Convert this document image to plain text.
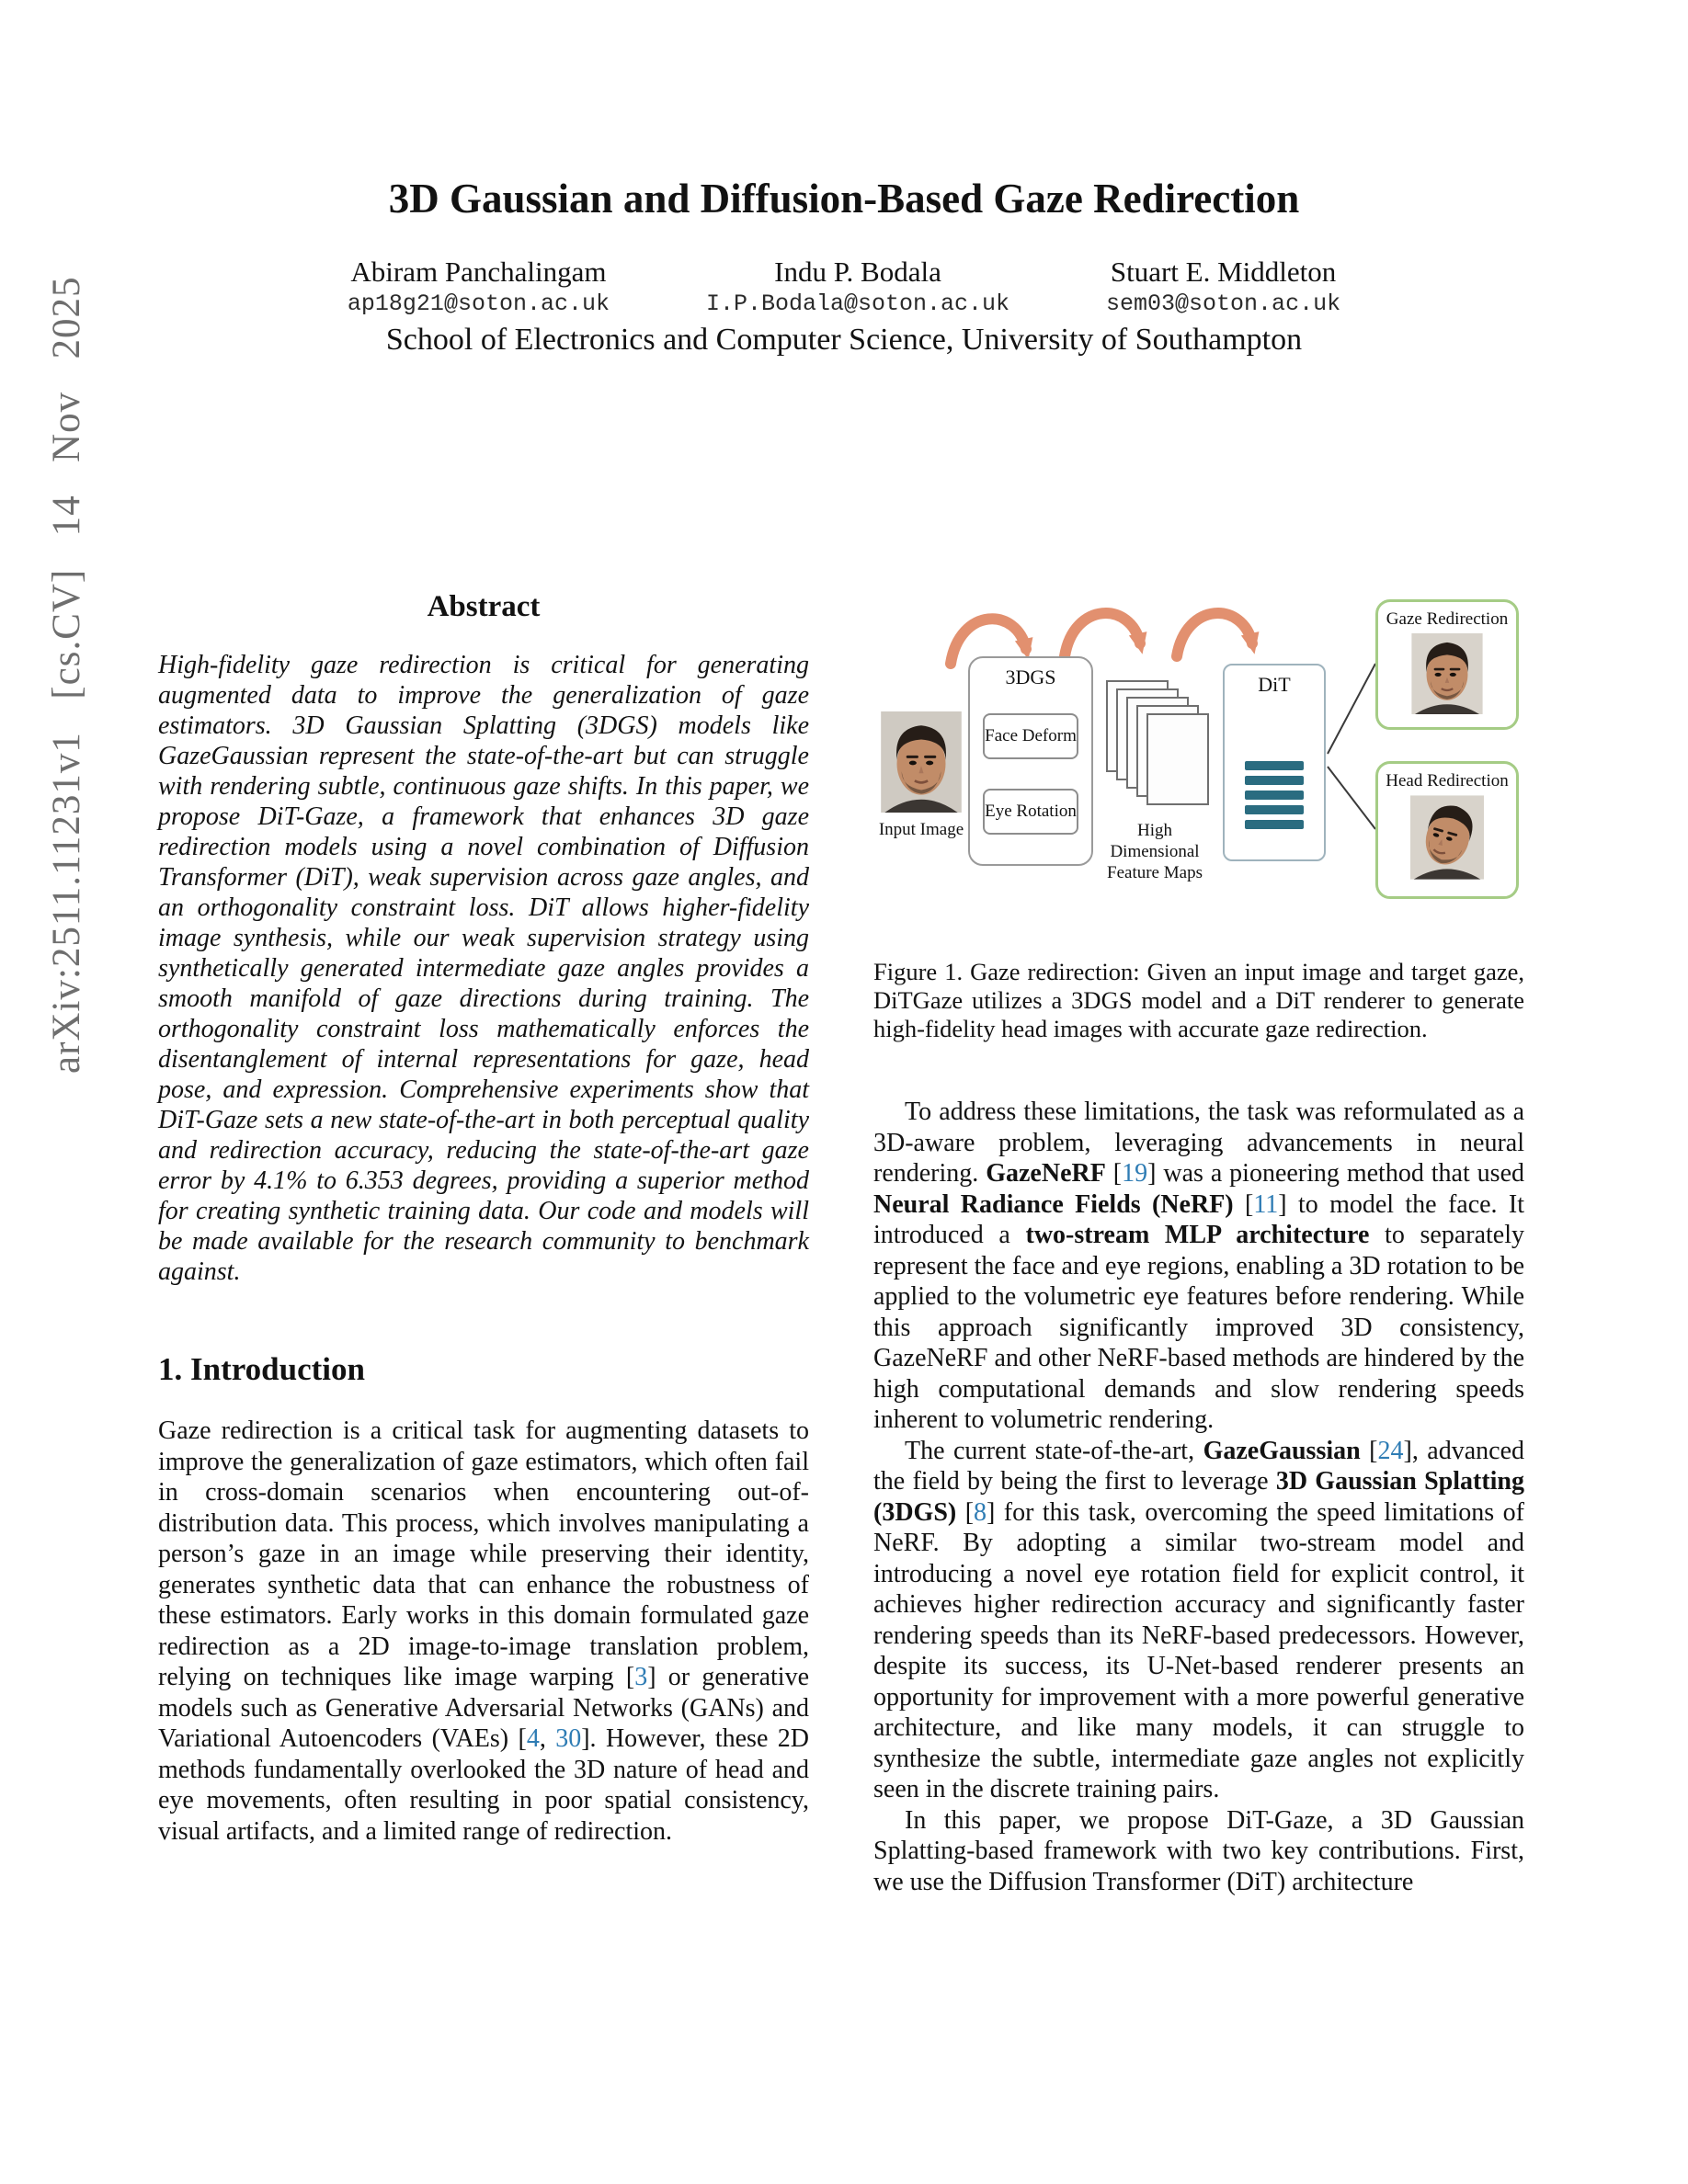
arXiv:2511.11231v1 [cs.CV] 14 Nov 2025
3D Gaussian and Diffusion-Based Gaze Redirection
Abiram Panchalingam
ap18g21@soton.ac.uk
Indu P. Bodala
I.P.Bodala@soton.ac.uk
Stuart E. Middleton
sem03@soton.ac.uk
School of Electronics and Computer Science, University of Southampton
Abstract

High-fidelity gaze redirection is critical for generating augmented data to improve the generalization of gaze estimators. 3D Gaussian Splatting (3DGS) models like GazeGaussian represent the state-of-the-art but can struggle with rendering subtle, continuous gaze shifts. In this paper, we propose DiT-Gaze, a framework that enhances 3D gaze redirection models using a novel combination of Diffusion Transformer (DiT), weak supervision across gaze angles, and an orthogonality constraint loss. DiT allows higher-fidelity image synthesis, while our weak supervision strategy using synthetically generated intermediate gaze angles provides a smooth manifold of gaze directions during training. The orthogonality constraint loss mathematically enforces the disentanglement of internal representations for gaze, head pose, and expression. Comprehensive experiments show that DiT-Gaze sets a new state-of-the-art in both perceptual quality and redirection accuracy, reducing the state-of-the-art gaze error by 4.1% to 6.353 degrees, providing a superior method for creating synthetic training data. Our code and models will be made available for the research community to benchmark against.

1. Introduction

Gaze redirection is a critical task for augmenting datasets to improve the generalization of gaze estimators, which often fail in cross-domain scenarios when encountering out-of-distribution data. This process, which involves manipulating a person’s gaze in an image while preserving their identity, generates synthetic data that can enhance the robustness of these estimators. Early works in this domain formulated gaze redirection as a 2D image-to-image translation problem, relying on techniques like image warping [3] or generative models such as Generative Adversarial Networks (GANs) and Variational Autoencoders (VAEs) [4, 30]. However, these 2D methods fundamentally overlooked the 3D nature of head and eye movements, often resulting in poor spatial consistency, visual artifacts, and a limited range of redirection.

Input Image
3DGS
Face Deform
Eye Rotation
High Dimensional Feature Maps
DiT
Gaze Redirection
Head Redirection

Figure 1. Gaze redirection: Given an input image and target gaze, DiTGaze utilizes a 3DGS model and a DiT renderer to generate high-fidelity head images with accurate gaze redirection.

To address these limitations, the task was reformulated as a 3D-aware problem, leveraging advancements in neural rendering. GazeNeRF [19] was a pioneering method that used Neural Radiance Fields (NeRF) [11] to model the face. It introduced a two-stream MLP architecture to separately represent the face and eye regions, enabling a 3D rotation to be applied to the volumetric eye features before rendering. While this approach significantly improved 3D consistency, GazeNeRF and other NeRF-based methods are hindered by the high computational demands and slow rendering speeds inherent to volumetric rendering.

The current state-of-the-art, GazeGaussian [24], advanced the field by being the first to leverage 3D Gaussian Splatting (3DGS) [8] for this task, overcoming the speed limitations of NeRF. By adopting a similar two-stream model and introducing a novel eye rotation field for explicit control, it achieves higher redirection accuracy and significantly faster rendering speeds than its NeRF-based predecessors. However, despite its success, its U-Net-based renderer presents an opportunity for improvement with a more powerful generative architecture, and like many models, it can struggle to synthesize the subtle, intermediate gaze angles not explicitly seen in the discrete training pairs.

In this paper, we propose DiT-Gaze, a 3D Gaussian Splatting-based framework with two key contributions. First, we use the Diffusion Transformer (DiT) architecture
